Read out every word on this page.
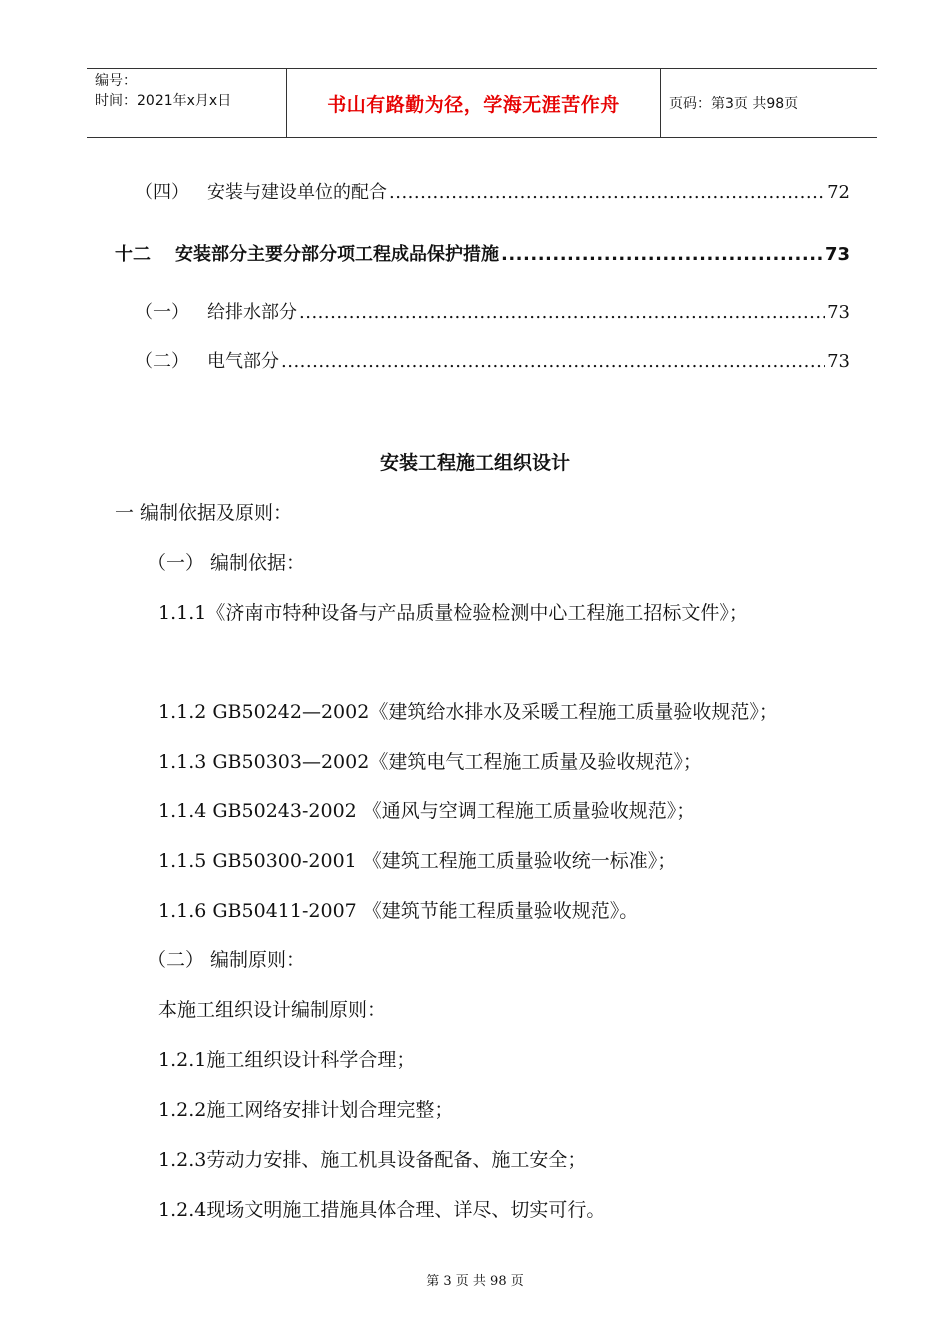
编号：
时间：2021年x月x日	书山有路勤为径，学海无涯苦作舟	页码：第3页 共98页
（四） 安装与建设单位的配合 .....	72
十二 安装部分主要分部分项工程成品保护措施 .....	73
（一） 给排水部分 .....	73
（二） 电气部分 .....	73
安装工程施工组织设计
一 编制依据及原则：
（一） 编制依据：
1.1.1《济南市特种设备与产品质量检验检测中心工程施工招标文件》；
1.1.2 GB50242—2002《建筑给水排水及采暖工程施工质量验收规范》；
1.1.3 GB50303—2002《建筑电气工程施工质量及验收规范》；
1.1.4 GB50243-2002 《通风与空调工程施工质量验收规范》；
1.1.5 GB50300-2001 《建筑工程施工质量验收统一标准》；
1.1.6 GB50411-2007 《建筑节能工程质量验收规范》。
（二） 编制原则：
本施工组织设计编制原则：
1.2.1施工组织设计科学合理；
1.2.2施工网络安排计划合理完整；
1.2.3劳动力安排、施工机具设备配备、施工安全；
1.2.4现场文明施工措施具体合理、详尽、切实可行。
第 3 页 共 98 页
